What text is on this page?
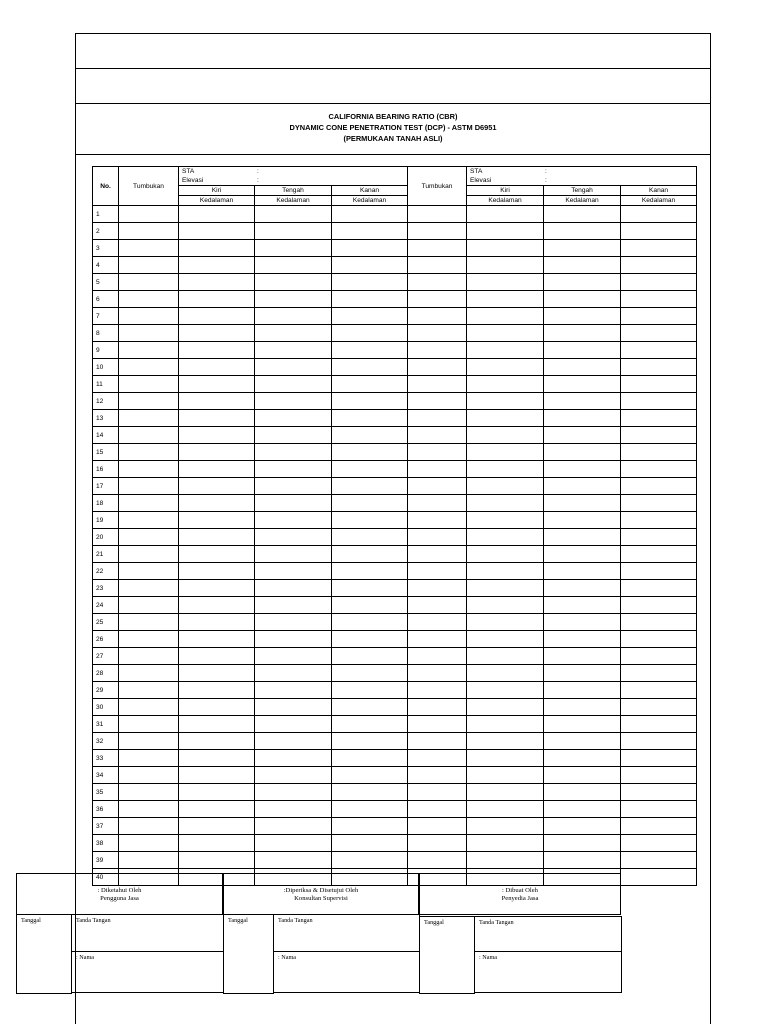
CALIFORNIA BEARING RATIO (CBR)
DYNAMIC CONE PENETRATION TEST (DCP) - ASTM D6951
(PERMUKAAN TANAH ASLI)
No.	Tumbukan	STA :			Tumbukan	STA :		

		Elevasi :				Elevasi :		

		Kiri	Tengah	Kanan		Kiri	Tengah	Kanan
		Kedalaman	Kedalaman	Kedalaman		Kedalaman	Kedalaman	Kedalaman
1								
2								
3								
4								
5								
6								
7								
8								
9								
10								
11								
12								
13								
14								
15								
16								
17								
18								
19								
20								
21								
22								
23								
24								
25								
26								
27								
28								
29								
30								
31								
32								
33								
34								
35								
36								
37								
38								
39								
40								
: Diketahui Oleh
Pengguna Jasa
:Diperiksa & Disetujui Oleh
Konsultan Supervisi
: Dibuat Oleh
Penyedia Jasa
Tanggal	Tanda Tangan
: Nama
Tanggal	Tanda Tangan
: Nama
Tanggal	Tanda Tangan
: Nama
